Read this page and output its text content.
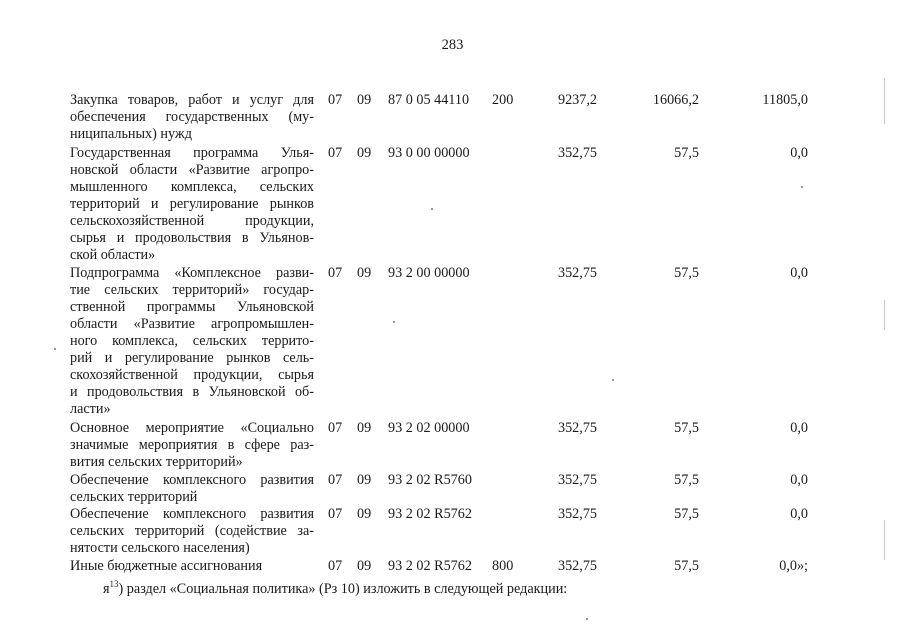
283
Закупка товаров, работ и услуг для
обеспечения государственных (му-
ниципальных) нужд
07 09 87 0 05 44110 200	9237,2	16066,2	11805,0
Государственная программа Улья-
новской области «Развитие агропро-
мышленного комплекса, сельских
территорий и регулирование рынков
сельскохозяйственной продукции,
сырья и продовольствия в Ульянов-
ской области»
07 09 93 0 00 00000	352,75	57,5	0,0
Подпрограмма «Комплексное разви-
тие сельских территорий» государ-
ственной программы Ульяновской
области «Развитие агропромышлен-
ного комплекса, сельских террито-
рий и регулирование рынков сель-
скохозяйственной продукции, сырья
и продовольствия в Ульяновской об-
ласти»
07 09 93 2 00 00000	352,75	57,5	0,0
Основное мероприятие «Социально
значимые мероприятия в сфере раз-
вития сельских территорий»
07 09 93 2 02 00000	352,75	57,5	0,0
Обеспечение комплексного развития
сельских территорий
07 09 93 2 02 R5760	352,75	57,5	0,0
Обеспечение комплексного развития
сельских территорий (содействие за-
нятости сельского населения)
07 09 93 2 02 R5762	352,75	57,5	0,0
Иные бюджетные ассигнования	07 09 93 2 02 R5762 800	352,75	57,5	0,0»;
$я^{13}$) раздел «Социальная политика» (Рз 10) изложить в следующей редакции:
